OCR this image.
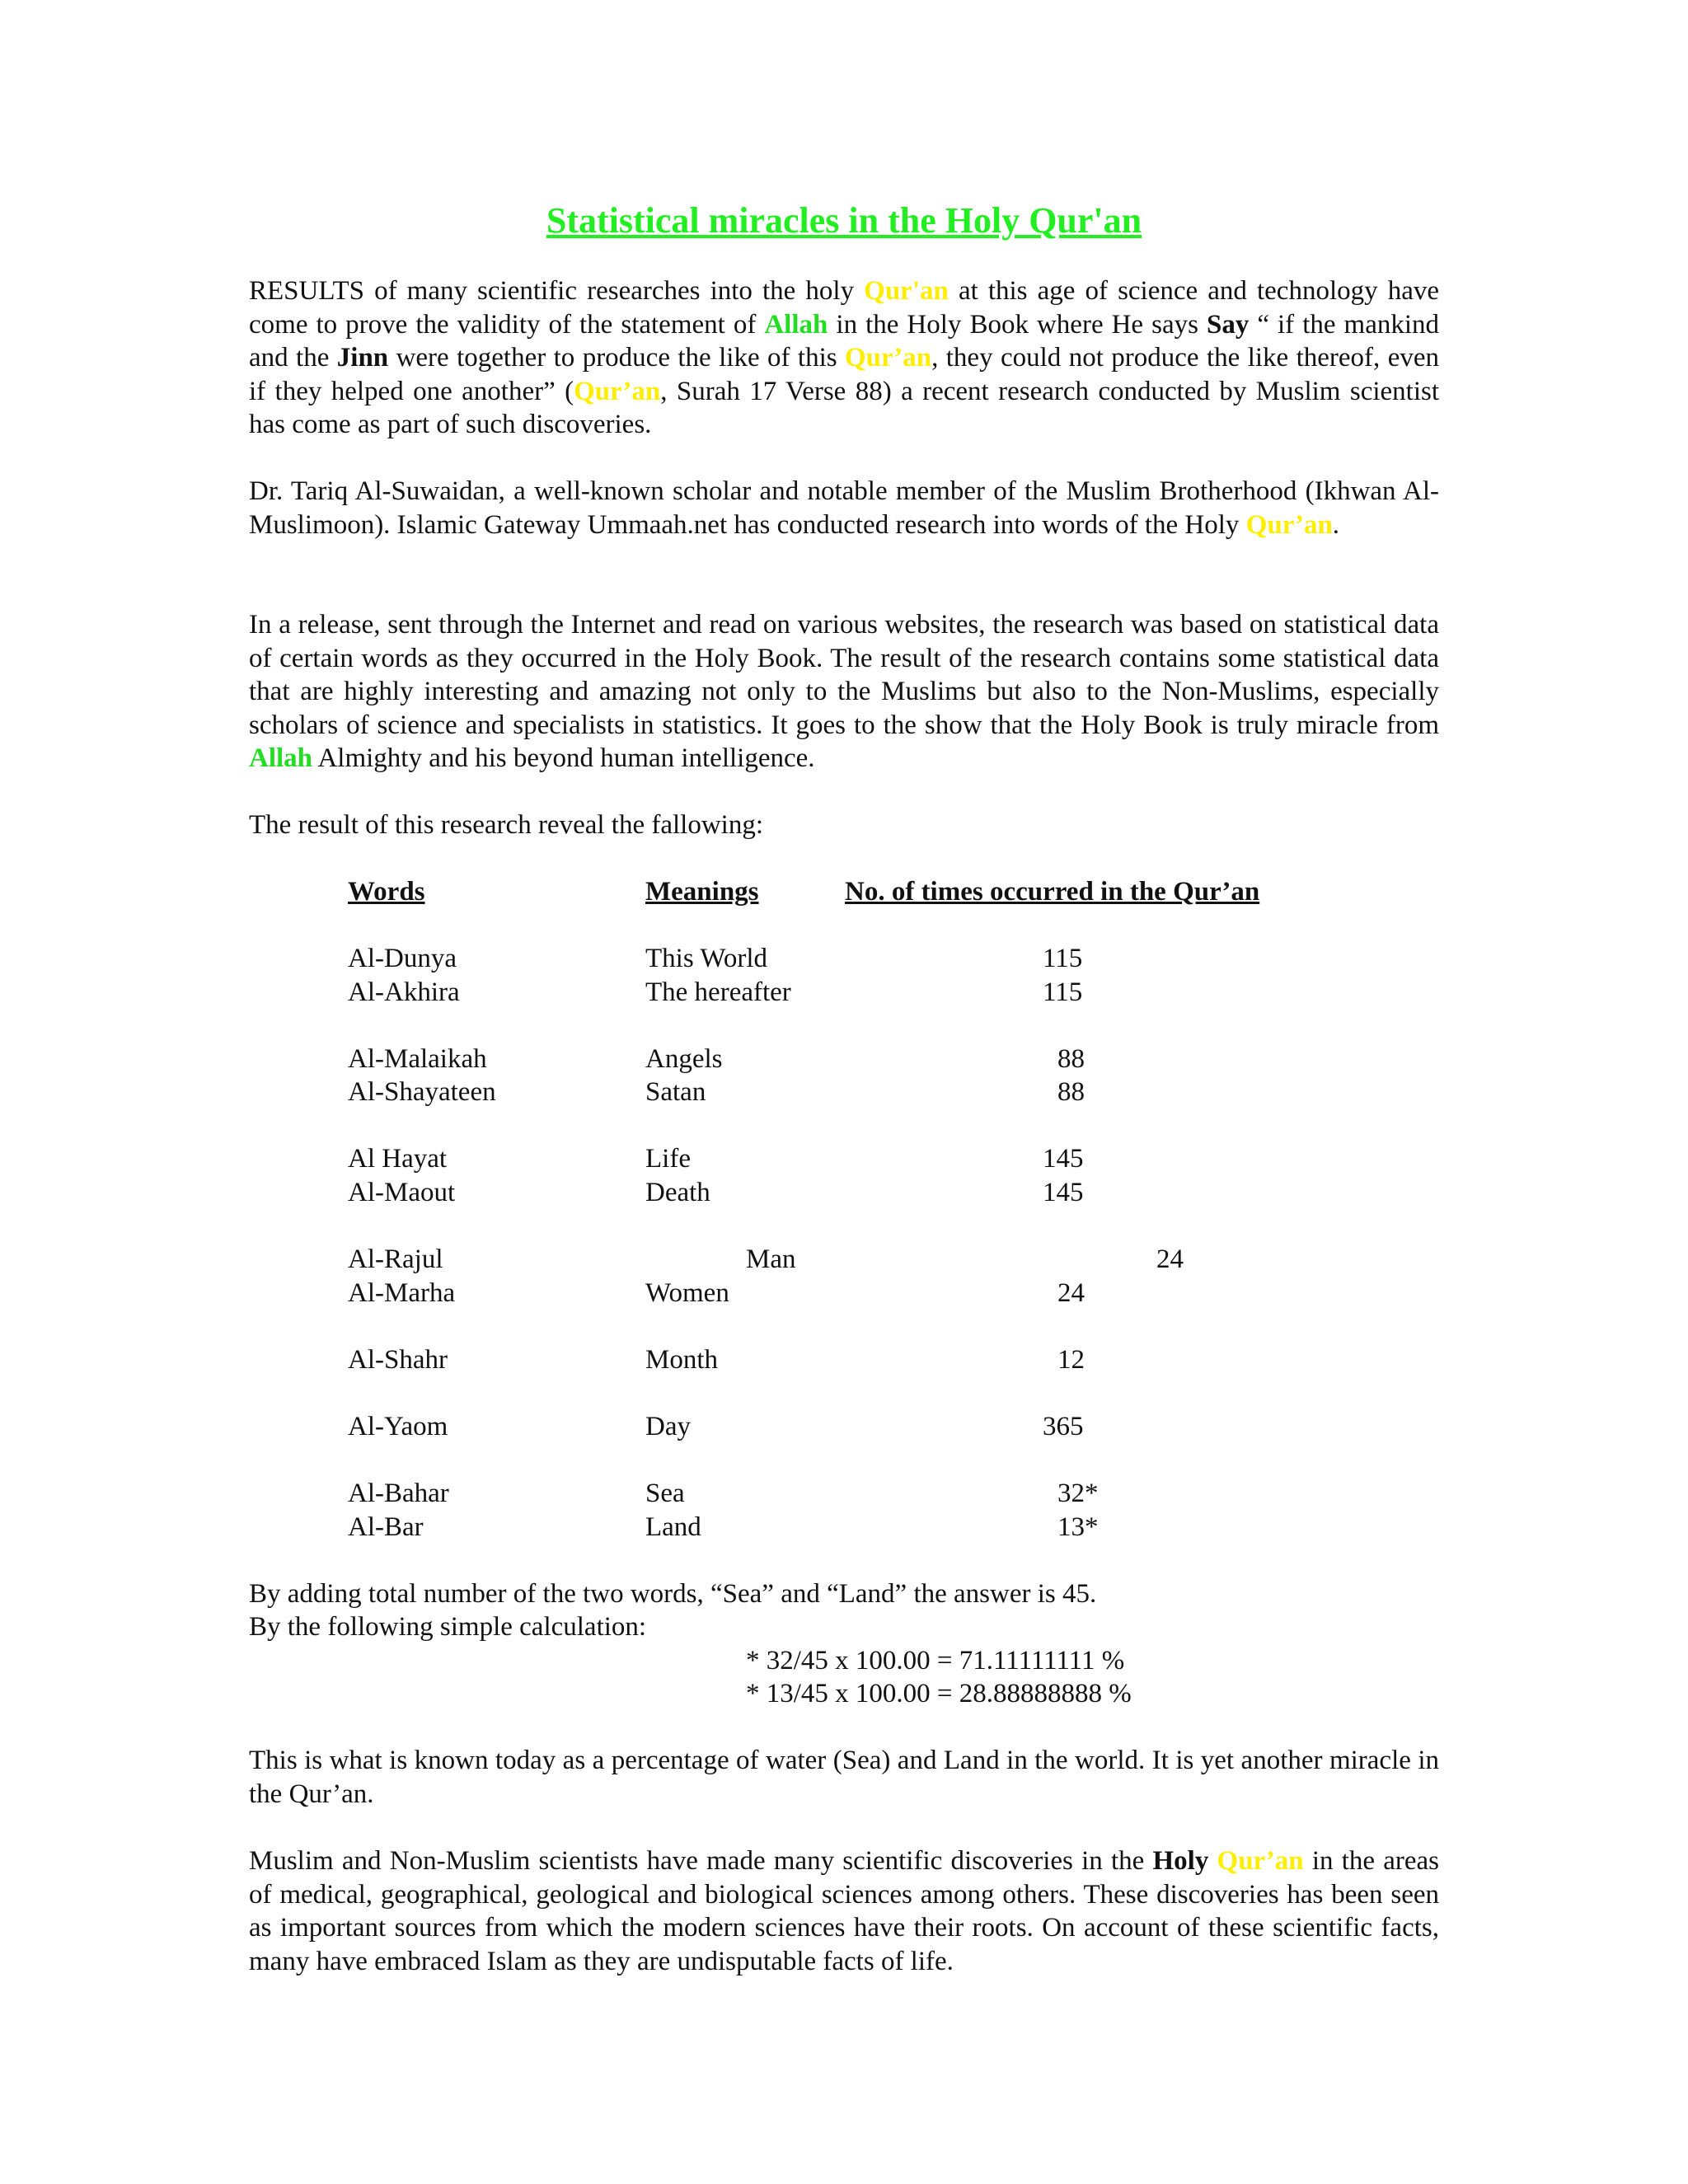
Statistical miracles in the Holy Qur'an

RESULTS of many scientific researches into the holy Qur'an at this age of science and technology have come to prove the validity of the statement of Allah in the Holy Book where He says Say “ if the mankind and the Jinn were together to produce the like of this Qur’an, they could not produce the like thereof, even if they helped one another” (Qur’an, Surah 17 Verse 88) a recent research conducted by Muslim scientist has come as part of such discoveries.

Dr. Tariq Al-Suwaidan, a well-known scholar and notable member of the Muslim Brotherhood (Ikhwan Al-Muslimoon). Islamic Gateway Ummaah.net has conducted research into words of the Holy Qur’an.

In a release, sent through the Internet and read on various websites, the research was based on statistical data of certain words as they occurred in the Holy Book. The result of the research contains some statistical data that are highly interesting and amazing not only to the Muslims but also to the Non-Muslims, especially scholars of science and specialists in statistics. It goes to the show that the Holy Book is truly miracle from Allah Almighty and his beyond human intelligence.

The result of this research reveal the fallowing:

Words	Meanings	No. of times occurred in the Qur’an
Al-Dunya	This World	115
Al-Akhira	The hereafter	115
Al-Malaikah	Angels	88
Al-Shayateen	Satan	88
Al Hayat	Life	145
Al-Maout	Death	145
Al-Rajul	Man	24
Al-Marha	Women	24
Al-Shahr	Month	12
Al-Yaom	Day	365
Al-Bahar	Sea	32*
Al-Bar	Land	13*

By adding total number of the two words, “Sea” and “Land” the answer is 45.

By the following simple calculation:

* 32/45 x 100.00 = 71.11111111 %
* 13/45 x 100.00 = 28.88888888 %

This is what is known today as a percentage of water (Sea) and Land in the world. It is yet another miracle in the Qur’an.

Muslim and Non-Muslim scientists have made many scientific discoveries in the Holy Qur’an in the areas of medical, geographical, geological and biological sciences among others. These discoveries has been seen as important sources from which the modern sciences have their roots. On account of these scientific facts, many have embraced Islam as they are undisputable facts of life.
